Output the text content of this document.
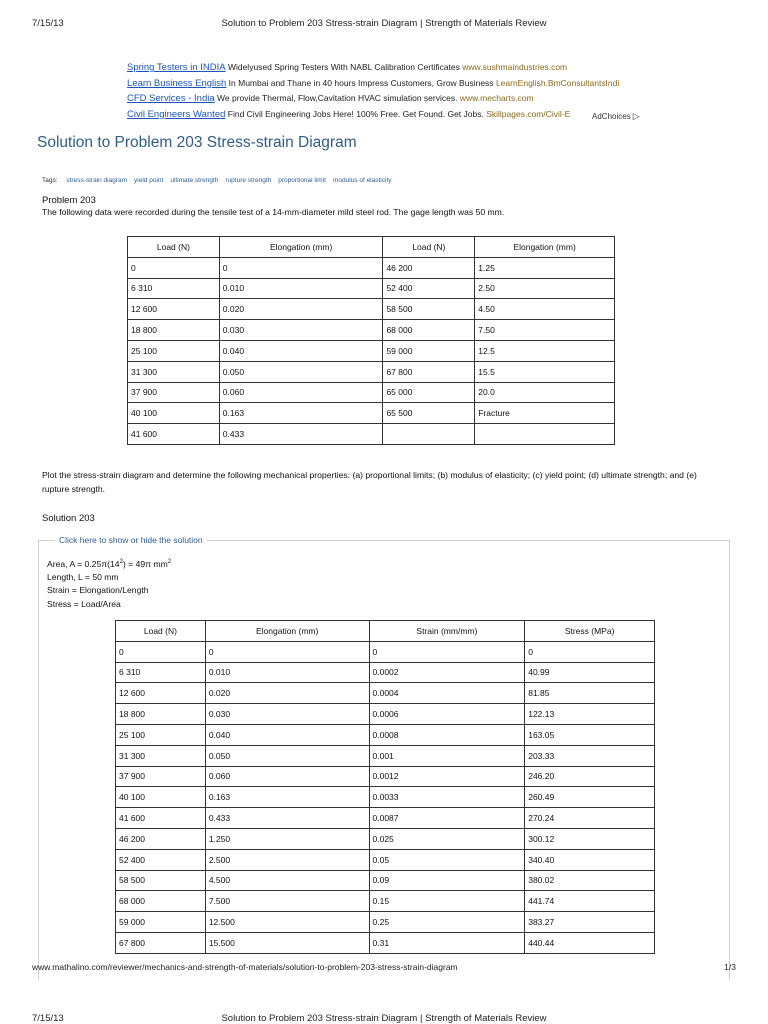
7/15/13	Solution to Problem 203 Stress-strain Diagram | Strength of Materials Review
Spring Testers in INDIA Widelyused Spring Testers With NABL Calibration Certificates www.sushmaindustries.com
Learn Business English In Mumbai and Thane in 40 hours Impress Customers, Grow Business LearnEnglish.BmConsultantsIndi
CFD Services - India We provide Thermal, Flow,Cavitation HVAC simulation services. www.mecharts.com
Civil Engineers Wanted Find Civil Engineering Jobs Here! 100% Free. Get Found. Get Jobs. Skillpages.com/Civil-E	AdChoices ▷
Solution to Problem 203 Stress-strain Diagram
Tags: stress-strain diagram yield point ultimate strength rupture strength proportional limit modulus of elasticity
Problem 203
The following data were recorded during the tensile test of a 14-mm-diameter mild steel rod. The gage length was 50 mm.
Load (N)	Elongation (mm)	Load (N)	Elongation (mm)
0	0	46 200	1.25
6 310	0.010	52 400	2.50
12 600	0.020	58 500	4.50
18 800	0.030	68 000	7.50
25 100	0.040	59 000	12.5
31 300	0.050	67 800	15.5
37 900	0.060	65 000	20.0
40 100	0.163	65 500	Fracture
41 600	0.433		
Plot the stress-strain diagram and determine the following mechanical properties: (a) proportional limits; (b) modulus of elasticity; (c) yield point; (d) ultimate strength; and (e) rupture strength.
Solution 203
Click here to show or hide the solution
Area, $A = 0.25\pi(14^2) = 49\pi$ $mm^2$
Length, L = 50 mm
Strain = Elongation/Length
Stress = Load/Area
Load (N)	Elongation (mm)	Strain (mm/mm)	Stress (MPa)
0	0	0	0
6 310	0.010	0.0002	40.99
12 600	0.020	0.0004	81.85
18 800	0.030	0.0006	122.13
25 100	0.040	0.0008	163.05
31 300	0.050	0.001	203.33
37 900	0.060	0.0012	246.20
40 100	0.163	0.0033	260.49
41 600	0.433	0.0087	270.24
46 200	1.250	0.025	300.12
52 400	2.500	0.05	340.40
58 500	4.500	0.09	380.02
68 000	7.500	0.15	441.74
59 000	12.500	0.25	383.27
67 800	15.500	0.31	440.44
www.mathalino.com/reviewer/mechanics-and-strength-of-materials/solution-to-problem-203-stress-strain-diagram	1/3
7/15/13	Solution to Problem 203 Stress-strain Diagram | Strength of Materials Review
